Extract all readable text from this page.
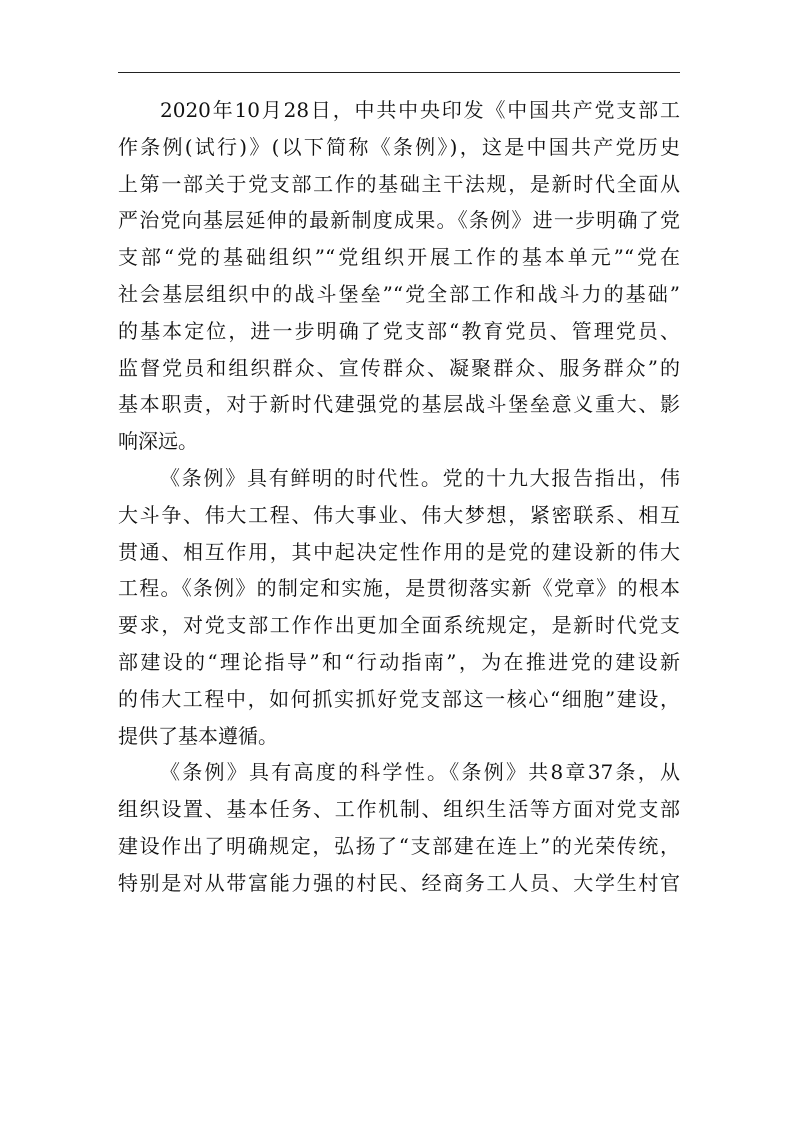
2020年10月28日，中共中央印发《中国共产党支部工
作条例(试行)》(以下简称《条例》)，这是中国共产党历史
上第一部关于党支部工作的基础主干法规，是新时代全面从
严治党向基层延伸的最新制度成果。《条例》进一步明确了党
支部“党的基础组织”“党组织开展工作的基本单元”“党在
社会基层组织中的战斗堡垒”“党全部工作和战斗力的基础”
的基本定位，进一步明确了党支部“教育党员、管理党员、
监督党员和组织群众、宣传群众、凝聚群众、服务群众”的
基本职责，对于新时代建强党的基层战斗堡垒意义重大、影
响深远。
《条例》具有鲜明的时代性。党的十九大报告指出，伟
大斗争、伟大工程、伟大事业、伟大梦想，紧密联系、相互
贯通、相互作用，其中起决定性作用的是党的建设新的伟大
工程。《条例》的制定和实施，是贯彻落实新《党章》的根本
要求，对党支部工作作出更加全面系统规定，是新时代党支
部建设的“理论指导”和“行动指南”，为在推进党的建设新
的伟大工程中，如何抓实抓好党支部这一核心“细胞”建设，
提供了基本遵循。
《条例》具有高度的科学性。《条例》共8章37条，从
组织设置、基本任务、工作机制、组织生活等方面对党支部
建设作出了明确规定，弘扬了“支部建在连上”的光荣传统，
特别是对从带富能力强的村民、经商务工人员、大学生村官
